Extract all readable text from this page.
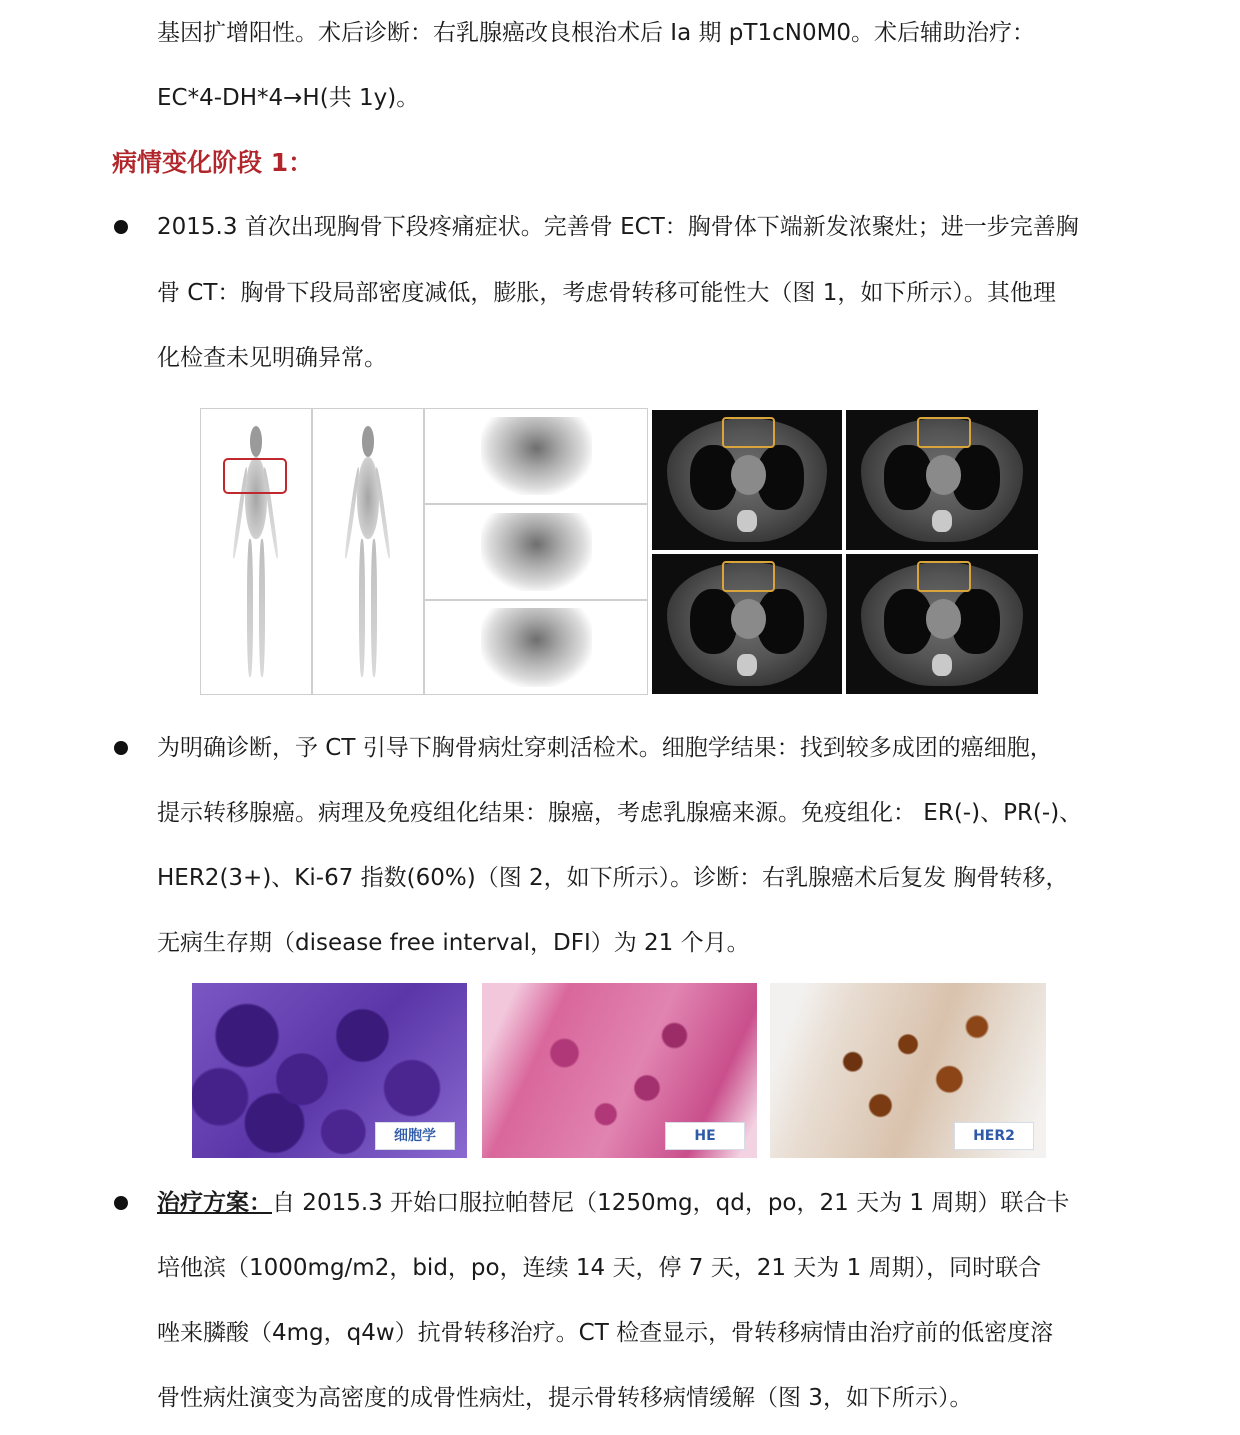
基因扩增阳性。术后诊断：右乳腺癌改良根治术后 Ia 期 pT1cN0M0。术后辅助治疗：
EC*4-DH*4→H(共 1y)。
病情变化阶段 1：
2015.3 首次出现胸骨下段疼痛症状。完善骨 ECT：胸骨体下端新发浓聚灶；进一步完善胸
骨 CT：胸骨下段局部密度减低，膨胀，考虑骨转移可能性大（图 1，如下所示）。其他理
化检查未见明确异常。
为明确诊断，予 CT 引导下胸骨病灶穿刺活检术。细胞学结果：找到较多成团的癌细胞，
提示转移腺癌。病理及免疫组化结果：腺癌，考虑乳腺癌来源。免疫组化： ER(-)、PR(-)、
HER2(3+)、Ki-67 指数(60%)（图 2，如下所示）。诊断：右乳腺癌术后复发 胸骨转移，
无病生存期（disease free interval，DFI）为 21 个月。
细胞学	HE	HER2
治疗方案：自 2015.3 开始口服拉帕替尼（1250mg，qd，po，21 天为 1 周期）联合卡
培他滨（1000mg/m2，bid，po，连续 14 天，停 7 天，21 天为 1 周期），同时联合
唑来膦酸（4mg，q4w）抗骨转移治疗。CT 检查显示，骨转移病情由治疗前的低密度溶
骨性病灶演变为高密度的成骨性病灶，提示骨转移病情缓解（图 3，如下所示）。
